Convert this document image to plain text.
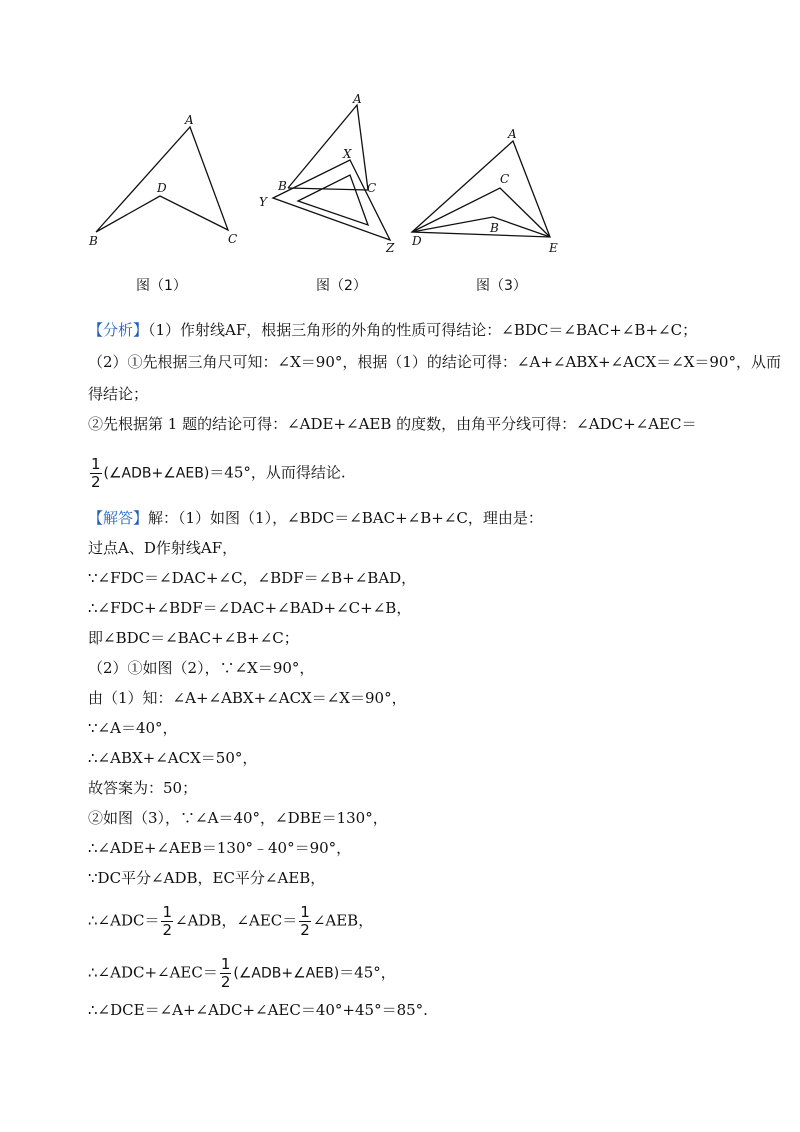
A
B	C
D
A
X
B	C
Y
Z
A
C
B
D	E
图（1）	图（2）	图（3）
【分析】（1）作射线AF，根据三角形的外角的性质可得结论：∠BDC＝∠BAC+∠B+∠C；
（2）①先根据三角尺可知：∠X＝90°，根据（1）的结论可得：∠A+∠ABX+∠ACX＝∠X＝90°，从而
得结论；
②先根据第 1 题的结论可得：∠ADE+∠AEB 的度数，由角平分线可得：∠ADC+∠AEC＝
$\frac{1}{2}$ (∠ADB+∠AEB)＝45°，从而得结论.
【解答】解：（1）如图（1），∠BDC＝∠BAC+∠B+∠C，理由是：
过点A、D作射线AF，
∵∠FDC＝∠DAC+∠C，∠BDF＝∠B+∠BAD，
∴∠FDC+∠BDF＝∠DAC+∠BAD+∠C+∠B，
即∠BDC＝∠BAC+∠B+∠C；
（2）①如图（2），∵∠X＝90°，
由（1）知：∠A+∠ABX+∠ACX＝∠X＝90°，
∵∠A＝40°，
∴∠ABX+∠ACX＝50°，
故答案为：50；
②如图（3），∵∠A＝40°，∠DBE＝130°，
∴∠ADE+∠AEB＝130°﹣40°＝90°，
∵DC平分∠ADB，EC平分∠AEB，
∴∠ADC＝ $\frac{1}{2}$ ∠ADB，∠AEC＝ $\frac{1}{2}$ ∠AEB，
∴∠ADC+∠AEC＝ $\frac{1}{2}$ (∠ADB+∠AEB)＝45°，
∴∠DCE＝∠A+∠ADC+∠AEC＝40°+45°＝85°.
